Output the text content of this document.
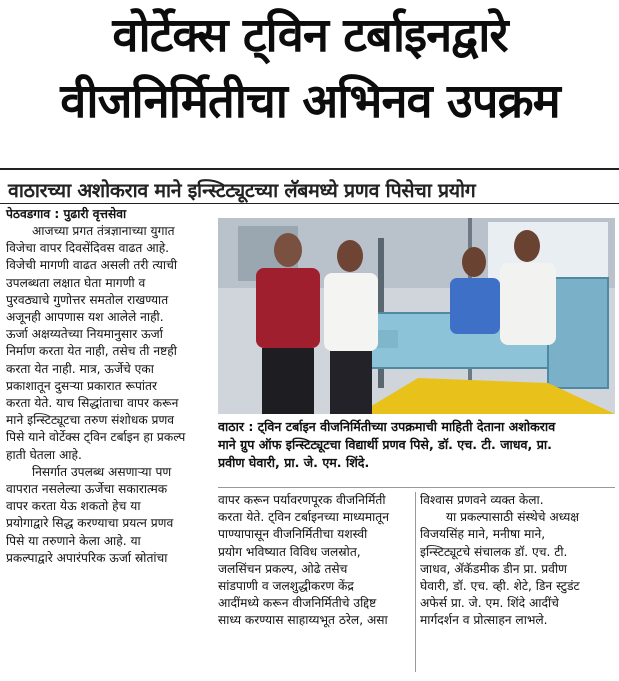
वोर्टेक्स ट्विन टर्बाइनद्वारे
वीजनिर्मितीचा अभिनव उपक्रम
वाठारच्या अशोकराव माने इन्स्टिट्यूटच्या लॅबमध्ये प्रणव पिसेचा प्रयोग
पेठवडगाव : पुढारी वृत्तसेवा
आजच्या प्रगत तंत्रज्ञानाच्या युगात
विजेचा वापर दिवसेंदिवस वाढत आहे.
विजेची मागणी वाढत असली तरी त्याची
उपलब्धता लक्षात घेता मागणी व
पुरवठ्याचे गुणोत्तर समतोल राखण्यात
अजूनही आपणास यश आलेले नाही.
ऊर्जा अक्षय्यतेच्या नियमानुसार ऊर्जा
निर्माण करता येत नाही, तसेच ती नष्टही
करता येत नाही. मात्र, ऊर्जेचे एका
प्रकाशातून दुसऱ्या प्रकारात रूपांतर
करता येते. याच सिद्धांताचा वापर करून
माने इन्स्टिट्यूटचा तरुण संशोधक प्रणव
पिसे याने वोर्टेक्स ट्विन टर्बाइन हा प्रकल्प
हाती घेतला आहे.
निसर्गात उपलब्ध असणाऱ्या पण
वापरात नसलेल्या ऊर्जेचा सकारात्मक
वापर करता येऊ शकतो हेच या
प्रयोगाद्वारे सिद्ध करण्याचा प्रयत्न प्रणव
पिसे या तरुणाने केला आहे. या
प्रकल्पाद्वारे अपारंपरिक ऊर्जा स्रोतांचा
वाठार : ट्विन टर्बाइन वीजनिर्मितीच्या उपक्रमाची माहिती देताना अशोकराव
माने ग्रुप ऑफ इन्स्टिट्यूटचा विद्यार्थी प्रणव पिसे, डॉ. एच. टी. जाधव, प्रा.
प्रवीण घेवारी, प्रा. जे. एम. शिंदे.
वापर करून पर्यावरणपूरक वीजनिर्मिती
करता येते. ट्विन टर्बाइनच्या माध्यमातून
पाण्यापासून वीजनिर्मितीचा यशस्वी
प्रयोग भविष्यात विविध जलस्रोत,
जलसिंचन प्रकल्प, ओढे तसेच
सांडपाणी व जलशुद्धीकरण केंद्र
आदींमध्ये करून वीजनिर्मितीचे उद्दिष्ट
साध्य करण्यास साहाय्यभूत ठरेल, असा
विश्वास प्रणवने व्यक्त केला.
या प्रकल्पासाठी संस्थेचे अध्यक्ष
विजयसिंह माने, मनीषा माने,
इन्स्टिट्यूटचे संचालक डॉ. एच. टी.
जाधव, ॲकॅडमीक डीन प्रा. प्रवीण
घेवारी, डॉ. एच. व्ही. शेटे, डिन स्टुडंट
अफेर्स प्रा. जे. एम. शिंदे आदींचे
मार्गदर्शन व प्रोत्साहन लाभले.
